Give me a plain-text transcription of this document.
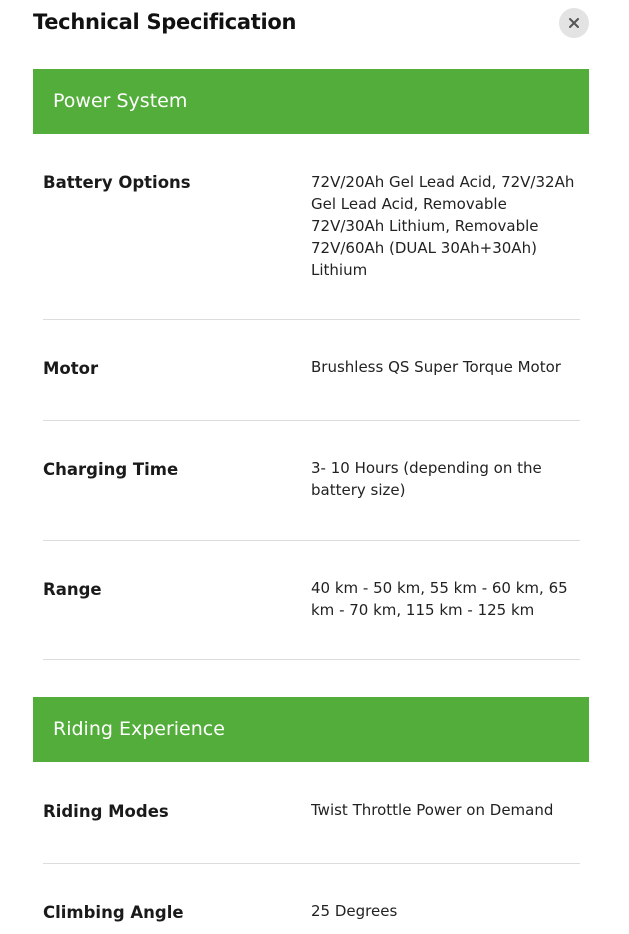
Technical Specification
Power System
Battery Options	72V/20Ah Gel Lead Acid, 72V/32Ah Gel Lead Acid, Removable 72V/30Ah Lithium, Removable 72V/60Ah (DUAL 30Ah+30Ah) Lithium
Motor	Brushless QS Super Torque Motor
Charging Time	3- 10 Hours (depending on the battery size)
Range	40 km - 50 km, 55 km - 60 km, 65 km - 70 km, 115 km - 125 km
Riding Experience
Riding Modes	Twist Throttle Power on Demand
Climbing Angle	25 Degrees
